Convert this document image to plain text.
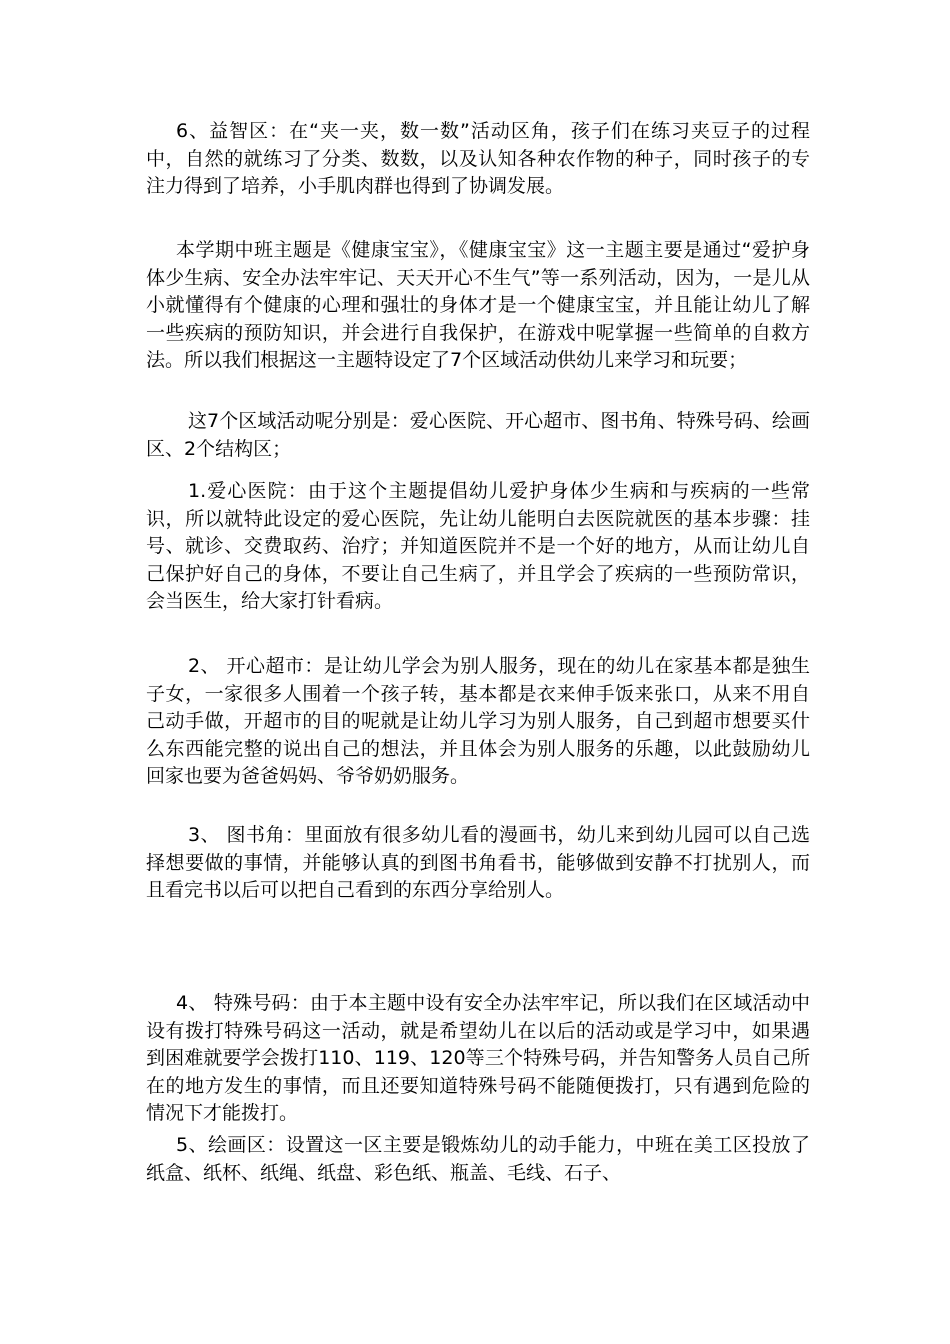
6、益智区：在“夹一夹，数一数”活动区角，孩子们在练习夹豆子的过程中，自然的就练习了分类、数数，以及认知各种农作物的种子，同时孩子的专注力得到了培养，小手肌肉群也得到了协调发展。

本学期中班主题是《健康宝宝》，《健康宝宝》这一主题主要是通过“爱护身体少生病、安全办法牢牢记、天天开心不生气”等一系列活动，因为，一是儿从小就懂得有个健康的心理和强壮的身体才是一个健康宝宝，并且能让幼儿了解一些疾病的预防知识，并会进行自我保护，在游戏中呢掌握一些简单的自救方法。所以我们根据这一主题特设定了7个区域活动供幼儿来学习和玩要；

这7个区域活动呢分别是：爱心医院、开心超市、图书角、特殊号码、绘画区、2个结构区；

1.爱心医院：由于这个主题提倡幼儿爱护身体少生病和与疾病的一些常识，所以就特此设定的爱心医院，先让幼儿能明白去医院就医的基本步骤：挂号、就诊、交费取药、治疗；并知道医院并不是一个好的地方，从而让幼儿自己保护好自己的身体，不要让自己生病了，并且学会了疾病的一些预防常识，会当医生，给大家打针看病。

2、 开心超市：是让幼儿学会为别人服务，现在的幼儿在家基本都是独生子女，一家很多人围着一个孩子转，基本都是衣来伸手饭来张口，从来不用自己动手做，开超市的目的呢就是让幼儿学习为别人服务，自己到超市想要买什么东西能完整的说出自己的想法，并且体会为别人服务的乐趣，以此鼓励幼儿回家也要为爸爸妈妈、爷爷奶奶服务。

3、 图书角：里面放有很多幼儿看的漫画书，幼儿来到幼儿园可以自己选择想要做的事情，并能够认真的到图书角看书，能够做到安静不打扰别人，而且看完书以后可以把自己看到的东西分享给别人。

4、 特殊号码：由于本主题中设有安全办法牢牢记，所以我们在区域活动中设有拨打特殊号码这一活动，就是希望幼儿在以后的活动或是学习中，如果遇到困难就要学会拨打110、119、120等三个特殊号码，并告知警务人员自己所在的地方发生的事情，而且还要知道特殊号码不能随便拨打，只有遇到危险的情况下才能拨打。

5、绘画区：设置这一区主要是锻炼幼儿的动手能力，中班在美工区投放了纸盒、纸杯、纸绳、纸盘、彩色纸、瓶盖、毛线、石子、
